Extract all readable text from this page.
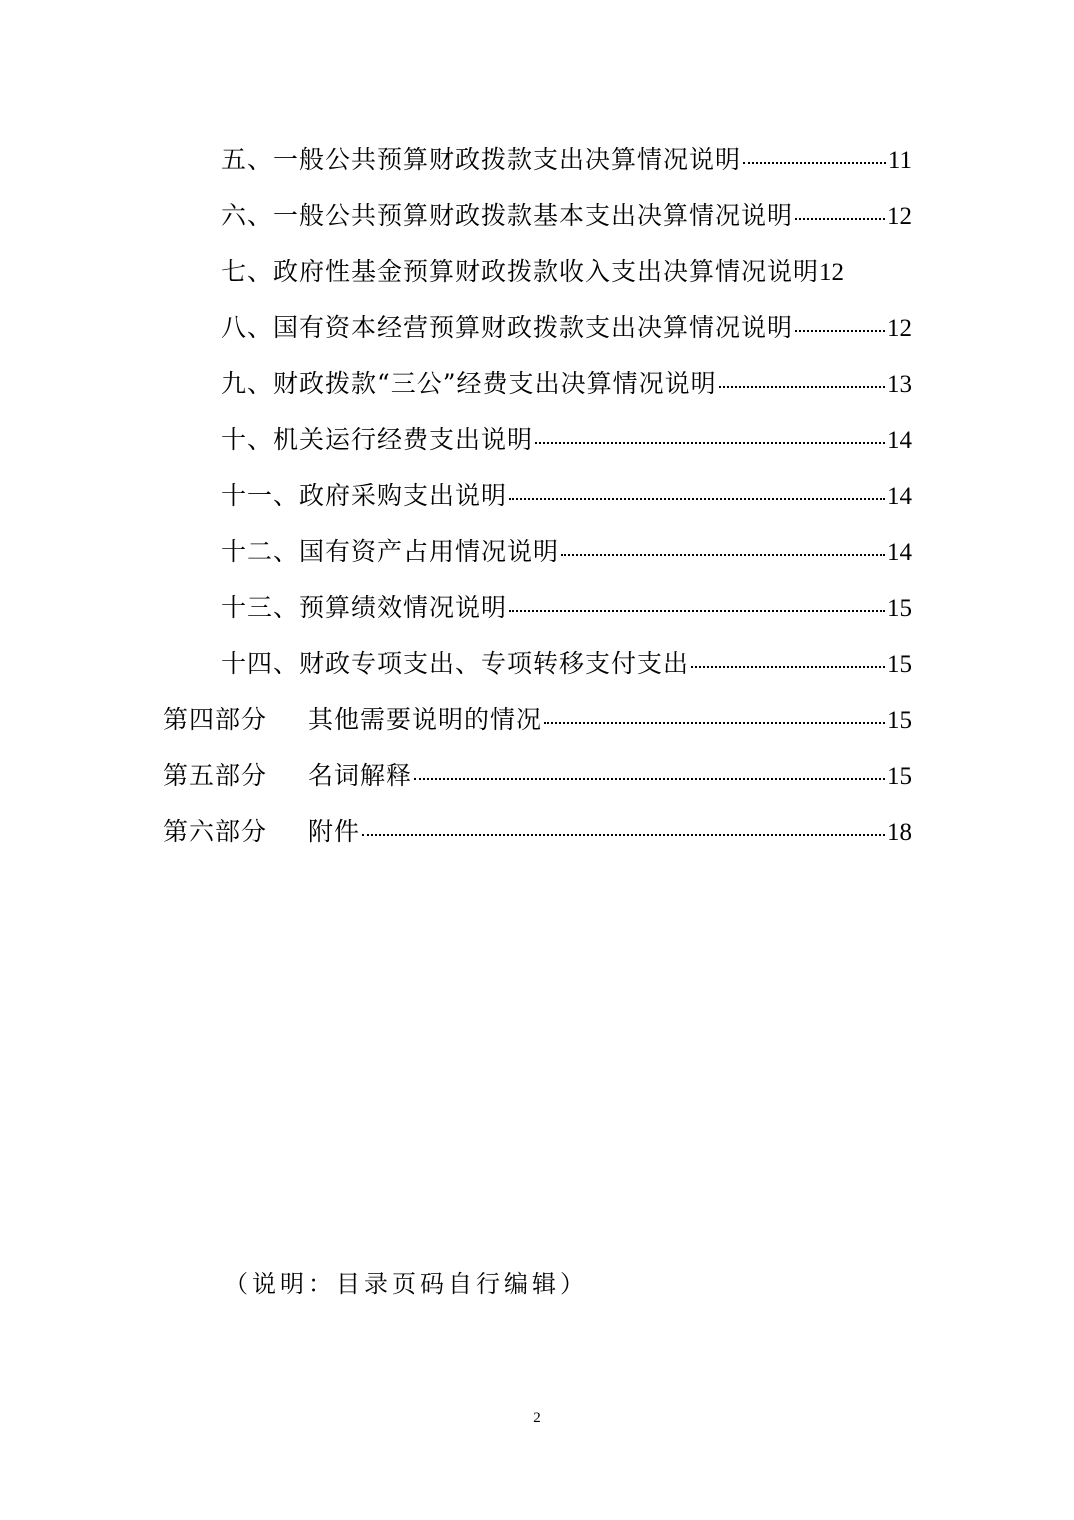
五、一般公共预算财政拨款支出决算情况说明	11
六、一般公共预算财政拨款基本支出决算情况说明	12
七、政府性基金预算财政拨款收入支出决算情况说明 12
八、国有资本经营预算财政拨款支出决算情况说明	12
九、财政拨款“三公”经费支出决算情况说明	13
十、机关运行经费支出说明	14
十一、政府采购支出说明	14
十二、国有资产占用情况说明	14
十三、预算绩效情况说明	15
十四、财政专项支出、专项转移支付支出	15
第四部分	其他需要说明的情况	15
第五部分	名词解释	15
第六部分	附件	18
（说明：目录页码自行编辑）
2
